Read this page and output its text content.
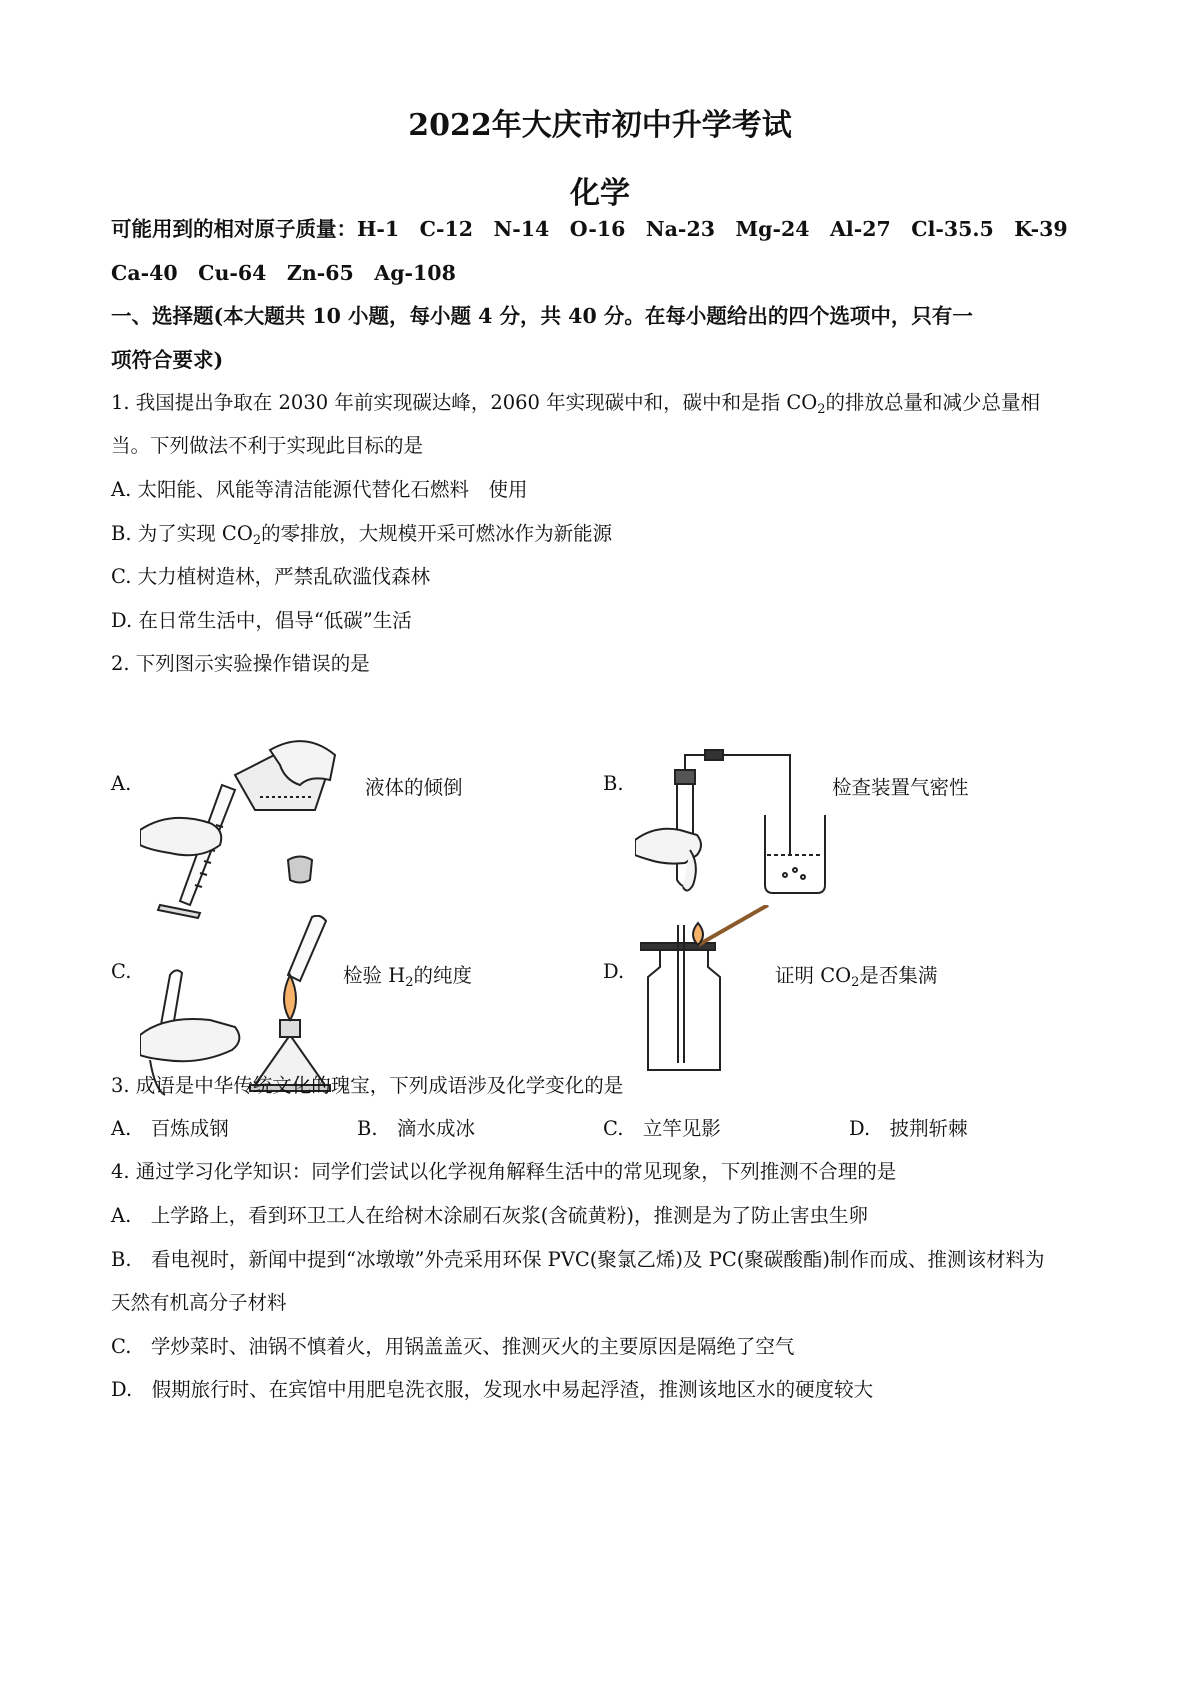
2022年大庆市初中升学考试
化学
可能用到的相对原子质量：H-1　C-12　N-14　O-16　Na-23　Mg-24　Al-27　Cl-35.5　K-39
Ca-40　Cu-64　Zn-65　Ag-108
一、选择题(本大题共 10 小题，每小题 4 分，共 40 分。在每小题给出的四个选项中，只有一
项符合要求)
1. 我国提出争取在 2030 年前实现碳达峰，2060 年实现碳中和，碳中和是指 $CO_2$的排放总量和减少总量相
当。下列做法不利于实现此目标的是
A. 太阳能、风能等清洁能源代替化石燃料　使用
B. 为了实现 $CO_2$的零排放，大规模开采可燃冰作为新能源
C. 大力植树造林，严禁乱砍滥伐森林
D. 在日常生活中，倡导“低碳”生活
2. 下列图示实验操作错误的是
A.	液体的倾倒	B.	检查装置气密性
C.	检验 $H_2$的纯度	D.	证明 $CO_2$是否集满
3. 成语是中华传统文化的瑰宝，下列成语涉及化学变化的是
A.　百炼成钢	B.　滴水成冰	C.　立竿见影	D.　披荆斩棘
4. 通过学习化学知识：同学们尝试以化学视角解释生活中的常见现象，下列推测不合理的是
A.　上学路上，看到环卫工人在给树木涂刷石灰浆(含硫黄粉)，推测是为了防止害虫生卵
B.　看电视时，新闻中提到“冰墩墩”外壳采用环保 PVC(聚氯乙烯)及 PC(聚碳酸酯)制作而成、推测该材料为
天然有机高分子材料
C.　学炒菜时、油锅不慎着火，用锅盖盖灭、推测灭火的主要原因是隔绝了空气
D.　假期旅行时、在宾馆中用肥皂洗衣服，发现水中易起浮渣，推测该地区水的硬度较大
